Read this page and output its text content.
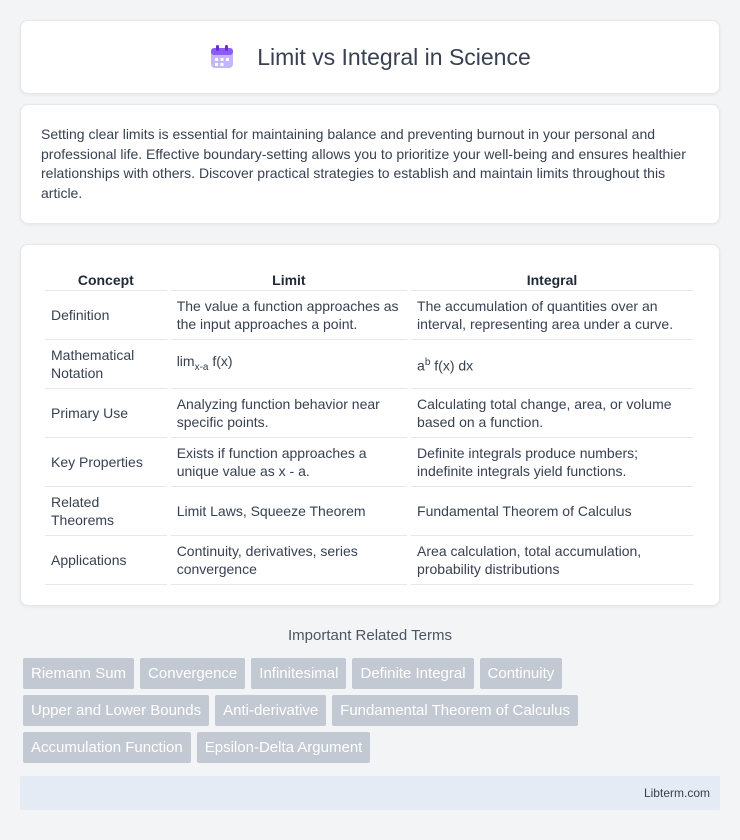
Limit vs Integral in Science

Setting clear limits is essential for maintaining balance and preventing burnout in your personal and professional life. Effective boundary-setting allows you to prioritize your well-being and ensures healthier relationships with others. Discover practical strategies to establish and maintain limits throughout this article.

Concept	Limit	Integral
Definition	The value a function approaches as the input approaches a point.	The accumulation of quantities over an interval, representing area under a curve.
Mathematical Notation	$\lim_{x-a} f(x)$	$a^b$ f(x) dx
Primary Use	Analyzing function behavior near specific points.	Calculating total change, area, or volume based on a function.
Key Properties	Exists if function approaches a unique value as x - a.	Definite integrals produce numbers; indefinite integrals yield functions.
Related Theorems	Limit Laws, Squeeze Theorem	Fundamental Theorem of Calculus
Applications	Continuity, derivatives, series convergence	Area calculation, total accumulation, probability distributions
Important Related Terms
Riemann Sum	Convergence	Infinitesimal	Definite Integral	Continuity
Upper and Lower Bounds	Anti-derivative	Fundamental Theorem of Calculus
Accumulation Function	Epsilon-Delta Argument
Libterm.com
